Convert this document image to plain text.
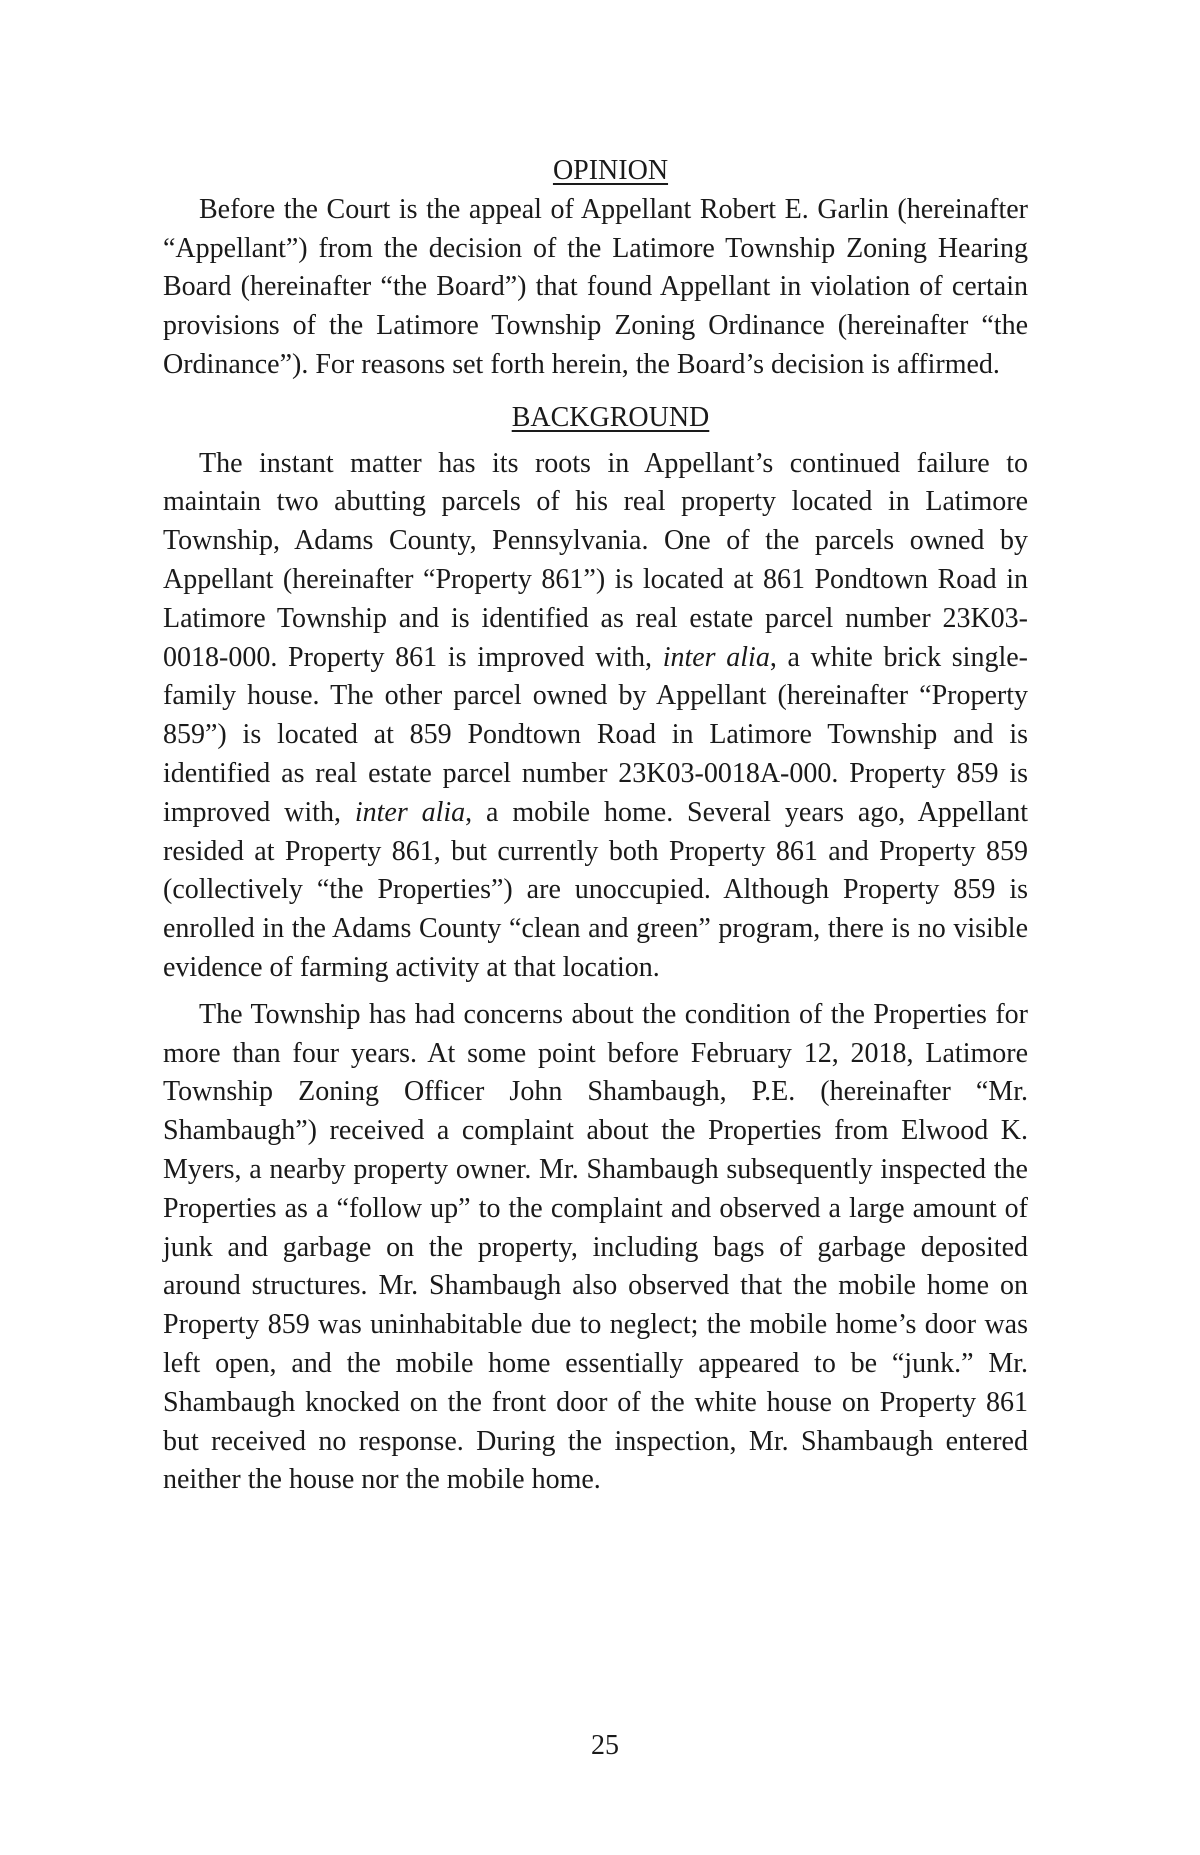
OPINION

Before the Court is the appeal of Appellant Robert E. Garlin (hereinafter “Appellant”) from the decision of the Latimore Township Zoning Hearing Board (hereinafter “the Board”) that found Appellant in violation of certain provisions of the Latimore Township Zoning Ordinance (hereinafter “the Ordinance”). For reasons set forth herein, the Board’s decision is affirmed.

BACKGROUND

The instant matter has its roots in Appellant’s continued failure to maintain two abutting parcels of his real property located in Latimore Township, Adams County, Pennsylvania. One of the parcels owned by Appellant (hereinafter “Property 861”) is located at 861 Pondtown Road in Latimore Township and is identified as real estate parcel number 23K03-0018-000. Property 861 is improved with, inter alia, a white brick single-family house. The other parcel owned by Appellant (hereinafter “Property 859”) is located at 859 Pondtown Road in Latimore Township and is identified as real estate parcel number 23K03-0018A-000. Property 859 is improved with, inter alia, a mobile home. Several years ago, Appellant resided at Property 861, but currently both Property 861 and Property 859 (collectively “the Properties”) are unoccupied. Although Property 859 is enrolled in the Adams County “clean and green” program, there is no visible evidence of farming activity at that location.

The Township has had concerns about the condition of the Properties for more than four years. At some point before February 12, 2018, Latimore Township Zoning Officer John Shambaugh, P.E. (hereinafter “Mr. Shambaugh”) received a complaint about the Properties from Elwood K. Myers, a nearby property owner. Mr. Shambaugh subsequently inspected the Properties as a “follow up” to the complaint and observed a large amount of junk and garbage on the property, including bags of garbage deposited around structures. Mr. Shambaugh also observed that the mobile home on Property 859 was uninhabitable due to neglect; the mobile home’s door was left open, and the mobile home essentially appeared to be “junk.” Mr. Shambaugh knocked on the front door of the white house on Property 861 but received no response. During the inspection, Mr. Shambaugh entered neither the house nor the mobile home.

25
